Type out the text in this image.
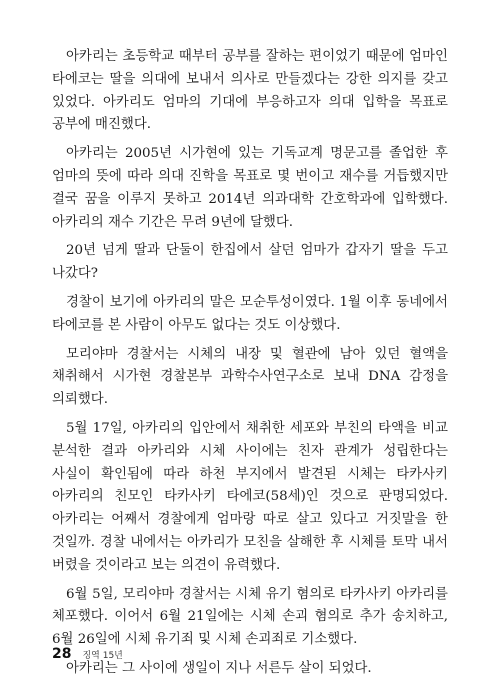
아카리는 초등학교 때부터 공부를 잘하는 편이었기 때문에 엄마인 타에코는 딸을 의대에 보내서 의사로 만들겠다는 강한 의지를 갖고 있었다. 아카리도 엄마의 기대에 부응하고자 의대 입학을 목표로 공부에 매진했다.

아카리는 2005년 시가현에 있는 기독교계 명문고를 졸업한 후 엄마의 뜻에 따라 의대 진학을 목표로 몇 번이고 재수를 거듭했지만 결국 꿈을 이루지 못하고 2014년 의과대학 간호학과에 입학했다. 아카리의 재수 기간은 무려 9년에 달했다.

20년 넘게 딸과 단둘이 한집에서 살던 엄마가 갑자기 딸을 두고 나갔다?

경찰이 보기에 아카리의 말은 모순투성이였다. 1월 이후 동네에서 타에코를 본 사람이 아무도 없다는 것도 이상했다.

모리야마 경찰서는 시체의 내장 및 혈관에 남아 있던 혈액을 채취해서 시가현 경찰본부 과학수사연구소로 보내 DNA 감정을 의뢰했다.

5월 17일, 아카리의 입안에서 채취한 세포와 부친의 타액을 비교 분석한 결과 아카리와 시체 사이에는 친자 관계가 성립한다는 사실이 확인됨에 따라 하천 부지에서 발견된 시체는 타카사키 아카리의 친모인 타카사키 타에코(58세)인 것으로 판명되었다. 아카리는 어째서 경찰에게 엄마랑 따로 살고 있다고 거짓말을 한 것일까. 경찰 내에서는 아카리가 모친을 살해한 후 시체를 토막 내서 버렸을 것이라고 보는 의견이 유력했다.

6월 5일, 모리야마 경찰서는 시체 유기 혐의로 타카사키 아카리를 체포했다. 이어서 6월 21일에는 시체 손괴 혐의로 추가 송치하고, 6월 26일에 시체 유기죄 및 시체 손괴죄로 기소했다.

아카리는 그 사이에 생일이 지나 서른두 살이 되었다.

28 징역 15년
